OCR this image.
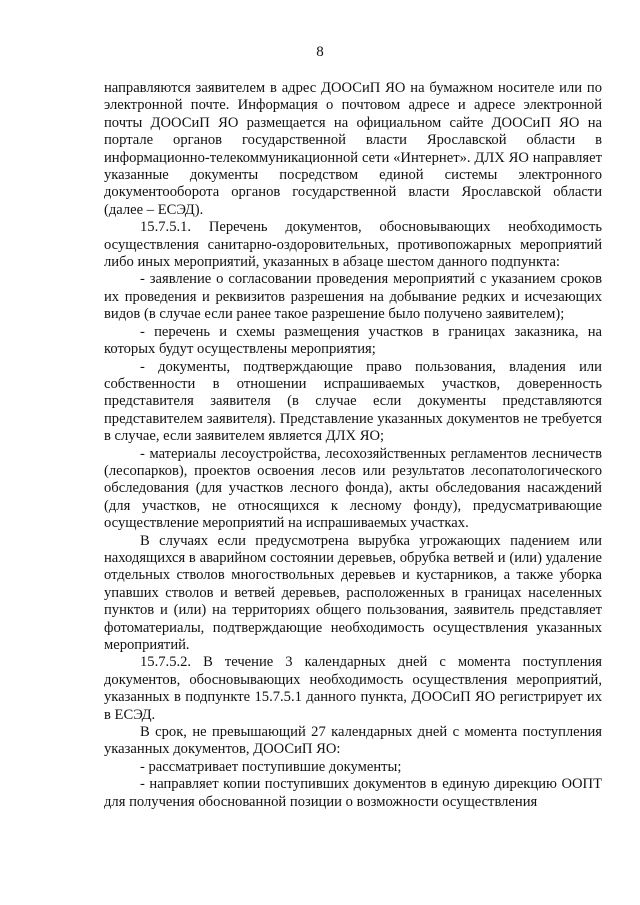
8

направляются заявителем в адрес ДООСиП ЯО на бумажном носителе или по электронной почте. Информация о почтовом адресе и адресе электронной почты ДООСиП ЯО размещается на официальном сайте ДООСиП ЯО на портале органов государственной власти Ярославской области в информационно-телекоммуникационной сети «Интернет». ДЛХ ЯО направляет указанные документы посредством единой системы электронного документооборота органов государственной власти Ярославской области (далее – ЕСЭД).

15.7.5.1. Перечень документов, обосновывающих необходимость осуществления санитарно-оздоровительных, противопожарных мероприятий либо иных мероприятий, указанных в абзаце шестом данного подпункта:

- заявление о согласовании проведения мероприятий с указанием сроков их проведения и реквизитов разрешения на добывание редких и исчезающих видов (в случае если ранее такое разрешение было получено заявителем);

- перечень и схемы размещения участков в границах заказника, на которых будут осуществлены мероприятия;

- документы, подтверждающие право пользования, владения или собственности в отношении испрашиваемых участков, доверенность представителя заявителя (в случае если документы представляются представителем заявителя). Представление указанных документов не требуется в случае, если заявителем является ДЛХ ЯО;

- материалы лесоустройства, лесохозяйственных регламентов лесничеств (лесопарков), проектов освоения лесов или результатов лесопатологического обследования (для участков лесного фонда), акты обследования насаждений (для участков, не относящихся к лесному фонду), предусматривающие осуществление мероприятий на испрашиваемых участках.

В случаях если предусмотрена вырубка угрожающих падением или находящихся в аварийном состоянии деревьев, обрубка ветвей и (или) удаление отдельных стволов многоствольных деревьев и кустарников, а также уборка упавших стволов и ветвей деревьев, расположенных в границах населенных пунктов и (или) на территориях общего пользования, заявитель представляет фотоматериалы, подтверждающие необходимость осуществления указанных мероприятий.

15.7.5.2. В течение 3 календарных дней с момента поступления документов, обосновывающих необходимость осуществления мероприятий, указанных в подпункте 15.7.5.1 данного пункта, ДООСиП ЯО регистрирует их в ЕСЭД.

В срок, не превышающий 27 календарных дней с момента поступления указанных документов, ДООСиП ЯО:

- рассматривает поступившие документы;

- направляет копии поступивших документов в единую дирекцию ООПТ для получения обоснованной позиции о возможности осуществления
